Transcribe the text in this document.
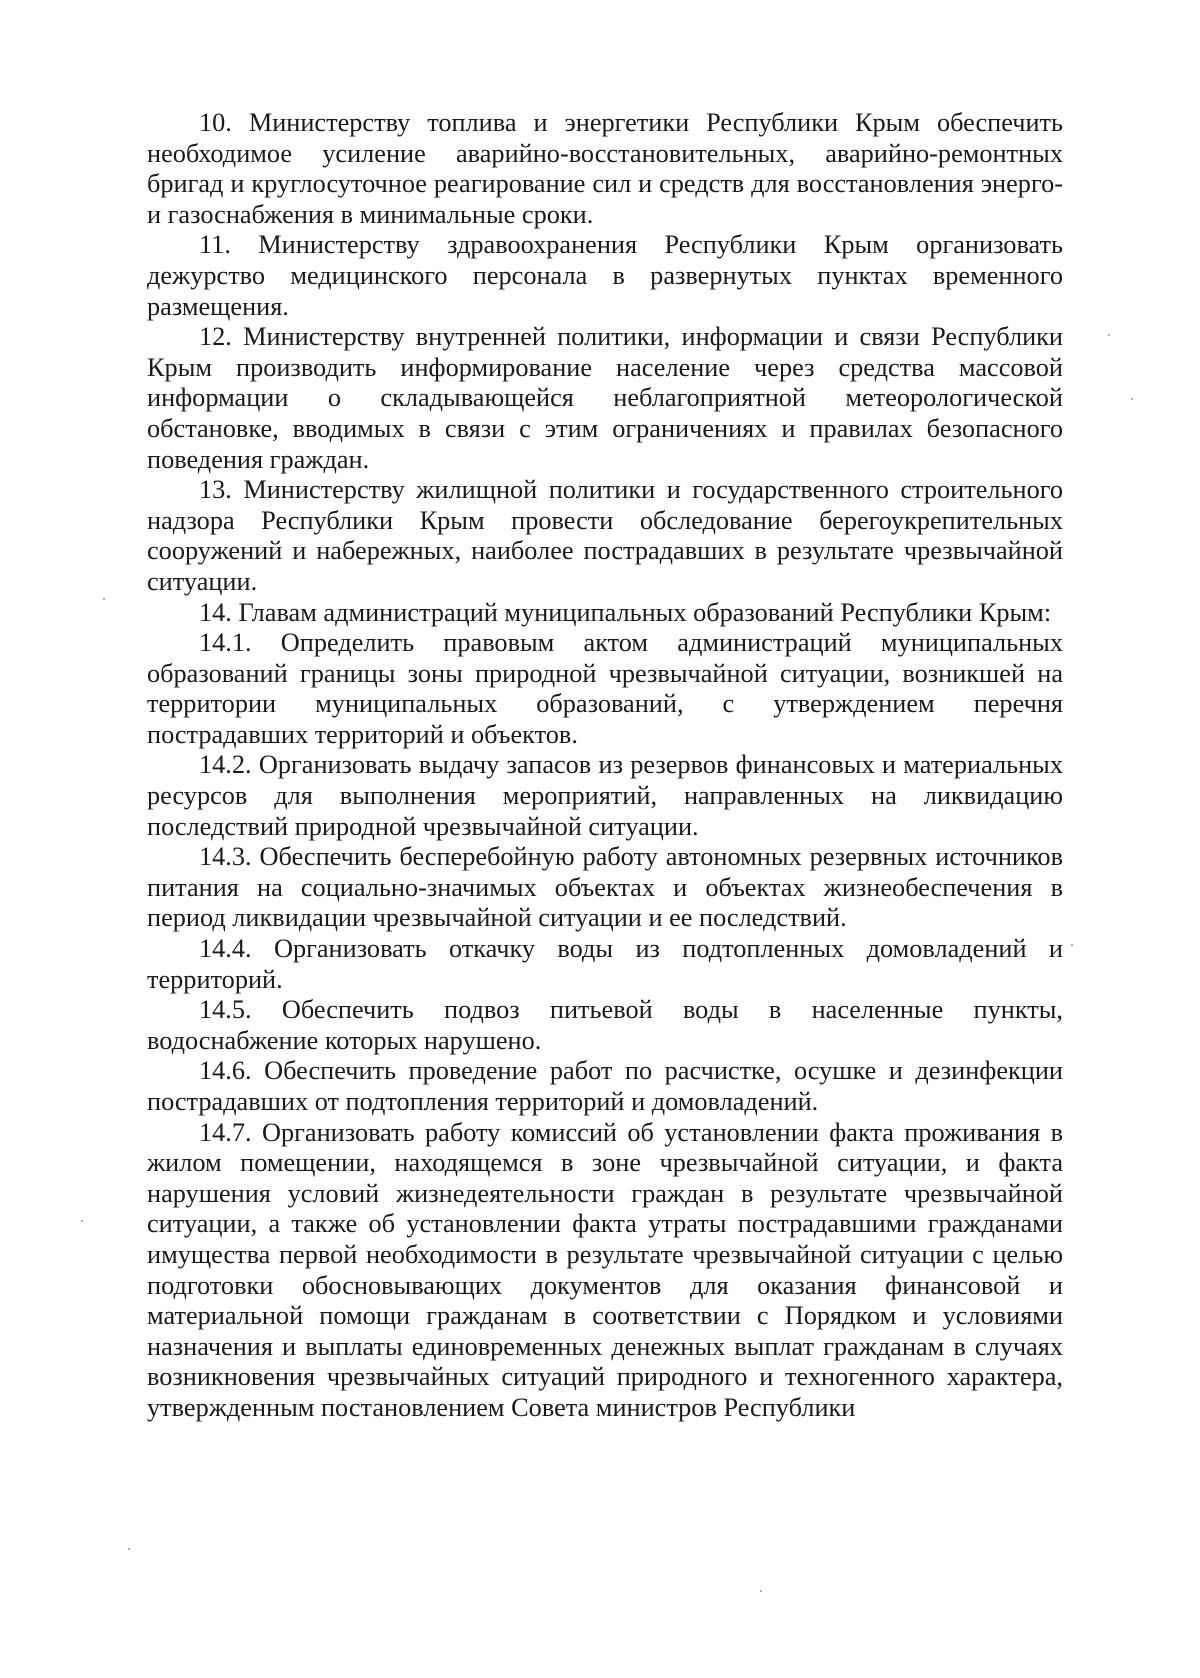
10. Министерству топлива и энергетики Республики Крым обеспечить необходимое усиление аварийно-восстановительных, аварийно-ремонтных бригад и круглосуточное реагирование сил и средств для восстановления энерго- и газоснабжения в минимальные сроки.

11. Министерству здравоохранения Республики Крым организовать дежурство медицинского персонала в развернутых пунктах временного размещения.

12. Министерству внутренней политики, информации и связи Республики Крым производить информирование население через средства массовой информации о складывающейся неблагоприятной метеорологической обстановке, вводимых в связи с этим ограничениях и правилах безопасного поведения граждан.

13. Министерству жилищной политики и государственного строительного надзора Республики Крым провести обследование берегоукрепительных сооружений и набережных, наиболее пострадавших в результате чрезвычайной ситуации.

14. Главам администраций муниципальных образований Республики Крым:

14.1. Определить правовым актом администраций муниципальных образований границы зоны природной чрезвычайной ситуации, возникшей на территории муниципальных образований, с утверждением перечня пострадавших территорий и объектов.

14.2. Организовать выдачу запасов из резервов финансовых и материальных ресурсов для выполнения мероприятий, направленных на ликвидацию последствий природной чрезвычайной ситуации.

14.3. Обеспечить бесперебойную работу автономных резервных источников питания на социально-значимых объектах и объектах жизнеобеспечения в период ликвидации чрезвычайной ситуации и ее последствий.

14.4. Организовать откачку воды из подтопленных домовладений и территорий.

14.5. Обеспечить подвоз питьевой воды в населенные пункты, водоснабжение которых нарушено.

14.6. Обеспечить проведение работ по расчистке, осушке и дезинфекции пострадавших от подтопления территорий и домовладений.

14.7. Организовать работу комиссий об установлении факта проживания в жилом помещении, находящемся в зоне чрезвычайной ситуации, и факта нарушения условий жизнедеятельности граждан в результате чрезвычайной ситуации, а также об установлении факта утраты пострадавшими гражданами имущества первой необходимости в результате чрезвычайной ситуации с целью подготовки обосновывающих документов для оказания финансовой и материальной помощи гражданам в соответствии с Порядком и условиями назначения и выплаты единовременных денежных выплат гражданам в случаях возникновения чрезвычайных ситуаций природного и техногенного характера, утвержденным постановлением Совета министров Республики
